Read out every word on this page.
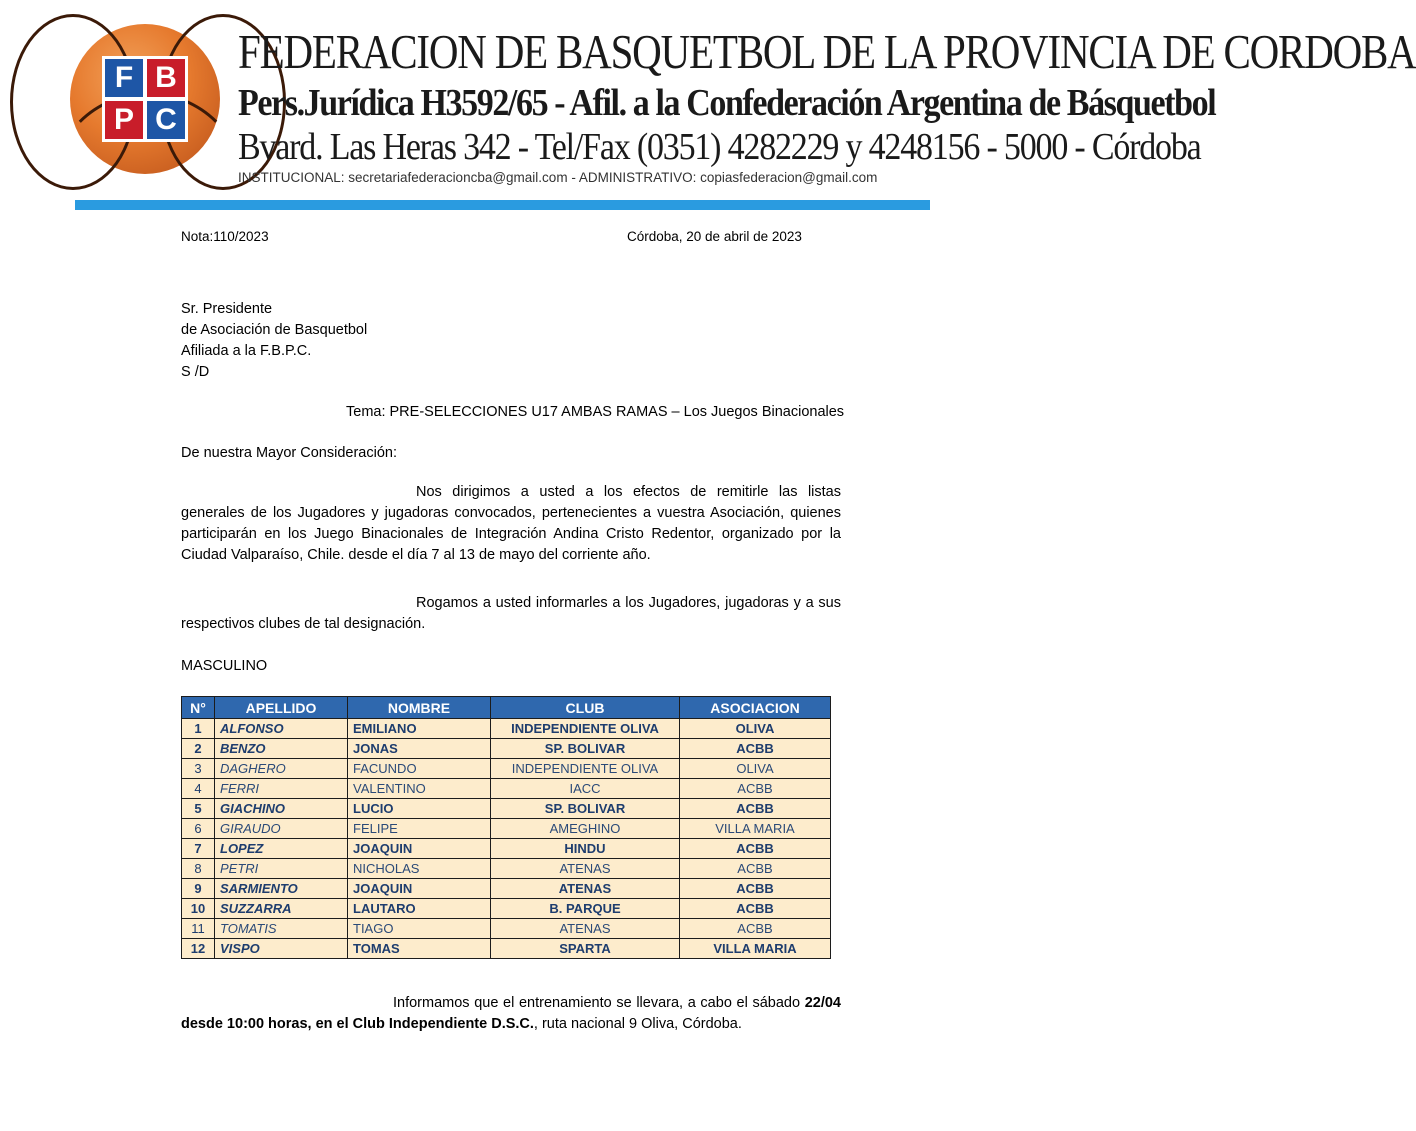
F B
P C
FEDERACION DE BASQUETBOL DE LA PROVINCIA DE CORDOBA
Pers.Jurídica H3592/65 - Afil. a la Confederación Argentina de Básquetbol
Bvard. Las Heras 342 - Tel/Fax (0351) 4282229 y 4248156 - 5000 - Córdoba
INSTITUCIONAL: secretariafederacioncba@gmail.com - ADMINISTRATIVO: copiasfederacion@gmail.com
Nota:110/2023	Córdoba, 20 de abril de 2023
Sr. Presidente
de Asociación de Basquetbol
Afiliada a la F.B.P.C.
S /D
Tema: PRE-SELECCIONES U17 AMBAS RAMAS – Los Juegos Binacionales
De nuestra Mayor Consideración:
Nos dirigimos a usted a los efectos de remitirle las listas generales de los Jugadores y jugadoras convocados, pertenecientes a vuestra Asociación, quienes participarán en los Juego Binacionales de Integración Andina Cristo Redentor, organizado por la Ciudad Valparaíso, Chile. desde el día 7 al 13 de mayo del corriente año.
Rogamos a usted informarles a los Jugadores, jugadoras y a sus respectivos clubes de tal designación.
MASCULINO
N°	APELLIDO	NOMBRE	CLUB	ASOCIACION
1	ALFONSO	EMILIANO	INDEPENDIENTE OLIVA	OLIVA
2	BENZO	JONAS	SP. BOLIVAR	ACBB
3	DAGHERO	FACUNDO	INDEPENDIENTE OLIVA	OLIVA
4	FERRI	VALENTINO	IACC	ACBB
5	GIACHINO	LUCIO	SP. BOLIVAR	ACBB
6	GIRAUDO	FELIPE	AMEGHINO	VILLA MARIA
7	LOPEZ	JOAQUIN	HINDU	ACBB
8	PETRI	NICHOLAS	ATENAS	ACBB
9	SARMIENTO	JOAQUIN	ATENAS	ACBB
10	SUZZARRA	LAUTARO	B. PARQUE	ACBB
11	TOMATIS	TIAGO	ATENAS	ACBB
12	VISPO	TOMAS	SPARTA	VILLA MARIA
Informamos que el entrenamiento se llevara, a cabo el sábado 22/04 desde 10:00 horas, en el Club Independiente D.S.C., ruta nacional 9 Oliva, Córdoba.
